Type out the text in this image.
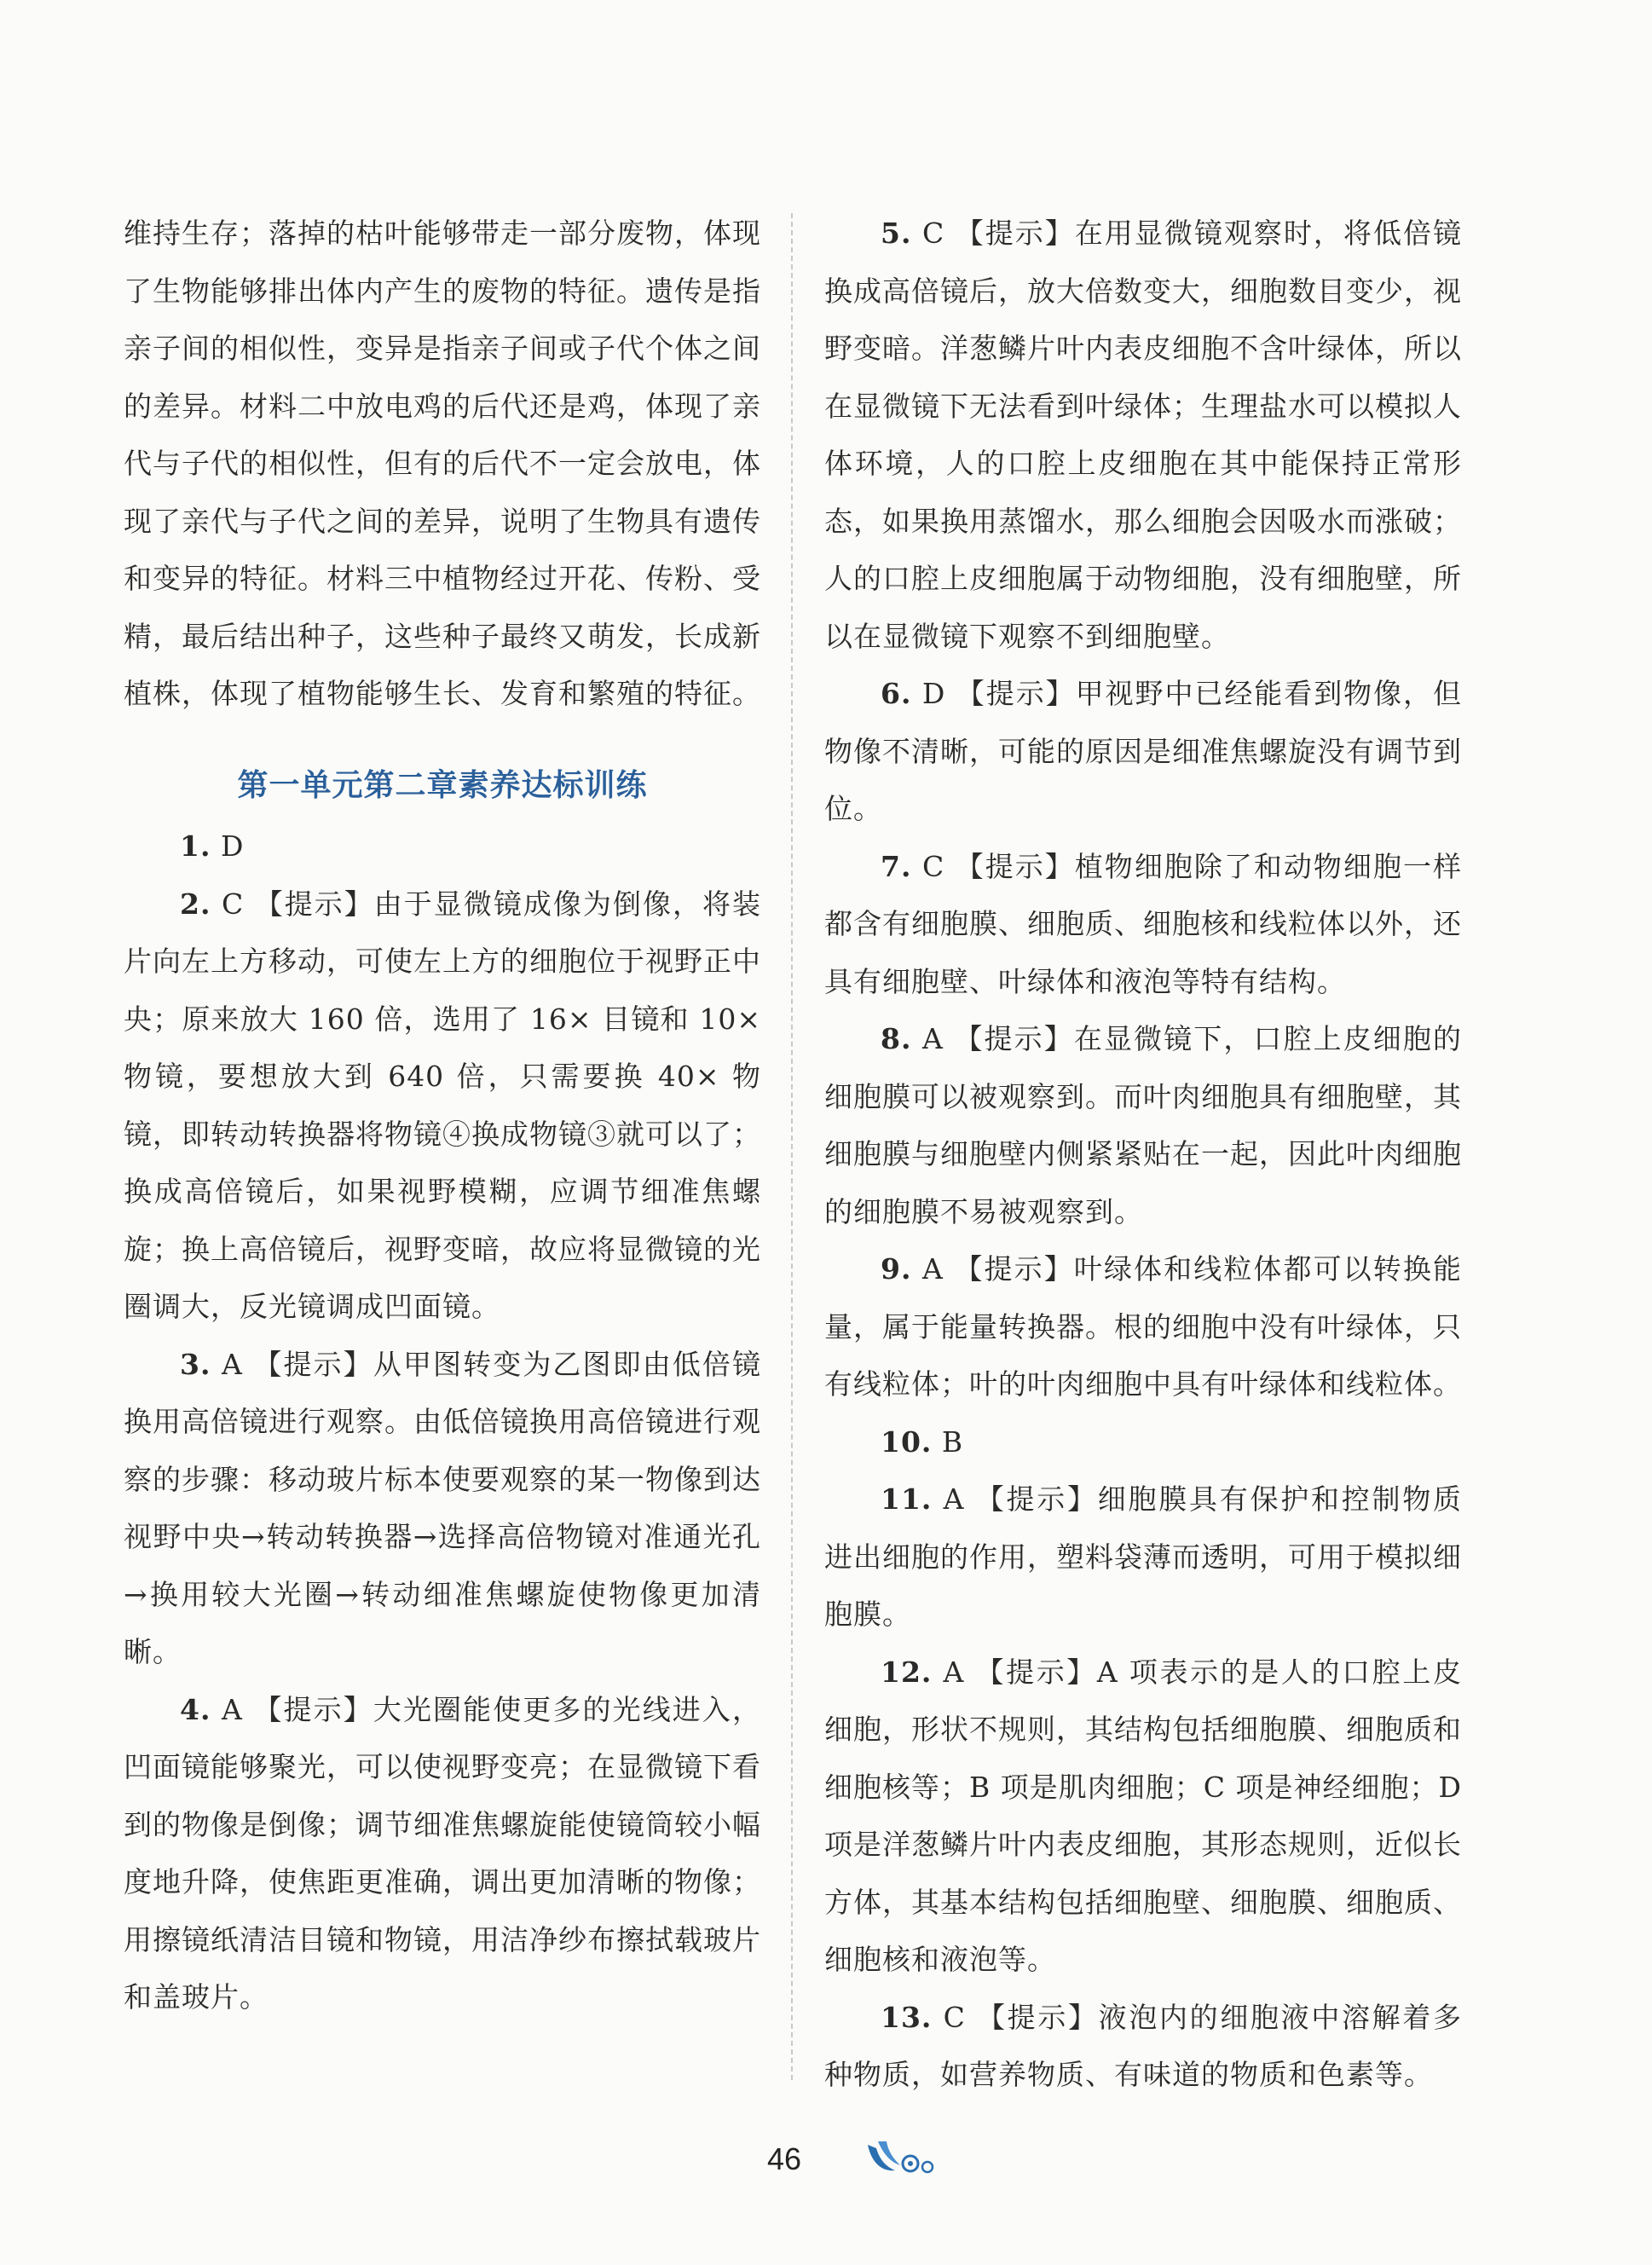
维持生存；落掉的枯叶能够带走一部分废物，体现了生物能够排出体内产生的废物的特征。遗传是指亲子间的相似性，变异是指亲子间或子代个体之间的差异。材料二中放电鸡的后代还是鸡，体现了亲代与子代的相似性，但有的后代不一定会放电，体现了亲代与子代之间的差异，说明了生物具有遗传和变异的特征。材料三中植物经过开花、传粉、受精，最后结出种子，这些种子最终又萌发，长成新植株，体现了植物能够生长、发育和繁殖的特征。

第一单元第二章素养达标训练

1. D

2. C 【提示】由于显微镜成像为倒像，将装片向左上方移动，可使左上方的细胞位于视野正中央；原来放大 160 倍，选用了 16× 目镜和 10× 物镜，要想放大到 640 倍，只需要换 40× 物镜，即转动转换器将物镜④换成物镜③就可以了；换成高倍镜后，如果视野模糊，应调节细准焦螺旋；换上高倍镜后，视野变暗，故应将显微镜的光圈调大，反光镜调成凹面镜。

3. A 【提示】从甲图转变为乙图即由低倍镜换用高倍镜进行观察。由低倍镜换用高倍镜进行观察的步骤：移动玻片标本使要观察的某一物像到达视野中央→转动转换器→选择高倍物镜对准通光孔→换用较大光圈→转动细准焦螺旋使物像更加清晰。

4. A 【提示】大光圈能使更多的光线进入，凹面镜能够聚光，可以使视野变亮；在显微镜下看到的物像是倒像；调节细准焦螺旋能使镜筒较小幅度地升降，使焦距更准确，调出更加清晰的物像；用擦镜纸清洁目镜和物镜，用洁净纱布擦拭载玻片和盖玻片。

5. C 【提示】在用显微镜观察时，将低倍镜换成高倍镜后，放大倍数变大，细胞数目变少，视野变暗。洋葱鳞片叶内表皮细胞不含叶绿体，所以在显微镜下无法看到叶绿体；生理盐水可以模拟人体环境，人的口腔上皮细胞在其中能保持正常形态，如果换用蒸馏水，那么细胞会因吸水而涨破；人的口腔上皮细胞属于动物细胞，没有细胞壁，所以在显微镜下观察不到细胞壁。

6. D 【提示】甲视野中已经能看到物像，但物像不清晰，可能的原因是细准焦螺旋没有调节到位。

7. C 【提示】植物细胞除了和动物细胞一样都含有细胞膜、细胞质、细胞核和线粒体以外，还具有细胞壁、叶绿体和液泡等特有结构。

8. A 【提示】在显微镜下，口腔上皮细胞的细胞膜可以被观察到。而叶肉细胞具有细胞壁，其细胞膜与细胞壁内侧紧紧贴在一起，因此叶肉细胞的细胞膜不易被观察到。

9. A 【提示】叶绿体和线粒体都可以转换能量，属于能量转换器。根的细胞中没有叶绿体，只有线粒体；叶的叶肉细胞中具有叶绿体和线粒体。

10. B

11. A 【提示】细胞膜具有保护和控制物质进出细胞的作用，塑料袋薄而透明，可用于模拟细胞膜。

12. A 【提示】A 项表示的是人的口腔上皮细胞，形状不规则，其结构包括细胞膜、细胞质和细胞核等；B 项是肌肉细胞；C 项是神经细胞；D 项是洋葱鳞片叶内表皮细胞，其形态规则，近似长方体，其基本结构包括细胞壁、细胞膜、细胞质、细胞核和液泡等。

13. C 【提示】液泡内的细胞液中溶解着多种物质，如营养物质、有味道的物质和色素等。

46
